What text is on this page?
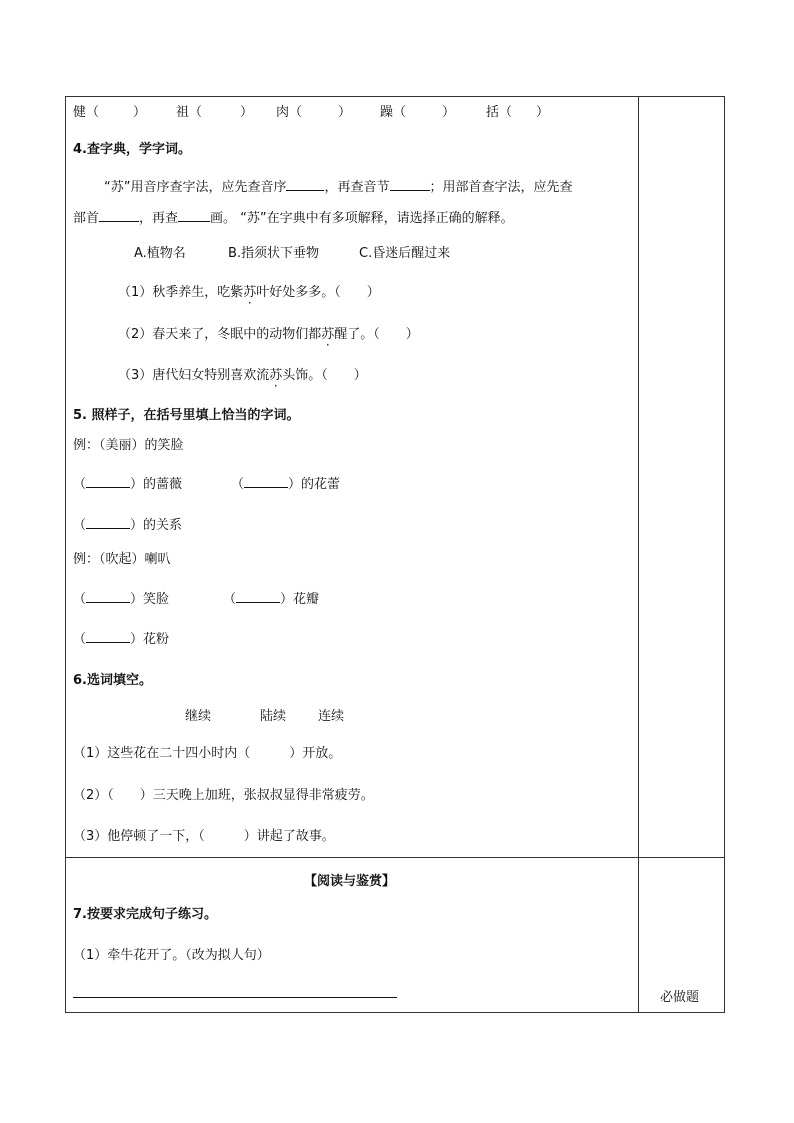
健（	） 祖（	） 肉（	） 躁（	） 括（ ）
4.查字典，学字词。
“苏”用音序查字法，应先查音序	，再查音节	；用部首查字法，应先查
部首	，再查 画。 “苏”在字典中有多项解释，请选择正确的解释。
A.植物名	B.指须状下垂物	C.昏迷后醒过来
（1）秋季养生，吃紫苏叶好处多多。（　　）
（2）春天来了，冬眠中的动物们都苏醒了。（　　）
（3）唐代妇女特别喜欢流苏头饰。（　　）
5. 照样子，在括号里填上恰当的字词。
例：（美丽）的笑脸
（	）的蔷薇	（	）的花蕾
（	）的关系
例：（吹起）喇叭
（	）笑脸	（	）花瓣
（	）花粉
6.选词填空。
继续	陆续 连续
（1）这些花在二十四小时内（　　　）开放。
（2）（　　）三天晚上加班，张叔叔显得非常疲劳。
（3）他停顿了一下，（　　　）讲起了故事。
【阅读与鉴赏】
7.按要求完成句子练习。
（1）牵牛花开了。（改为拟人句）
必做题
